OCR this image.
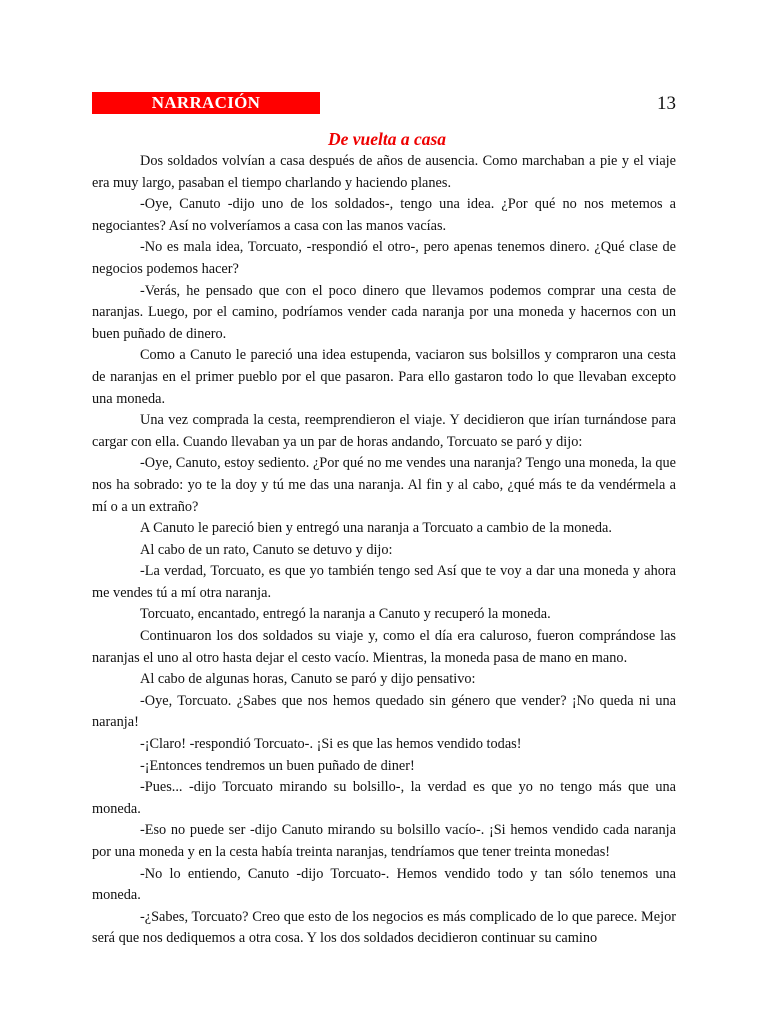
NARRACIÓN	13
De vuelta a casa

Dos soldados volvían a casa después de años de ausencia. Como marchaban a pie y el viaje era muy largo, pasaban el tiempo charlando y haciendo planes.

-Oye, Canuto -dijo uno de los soldados-, tengo una idea. ¿Por qué no nos metemos a negociantes? Así no volveríamos a casa con las manos vacías.

-No es mala idea, Torcuato, -respondió el otro-, pero apenas tenemos dinero. ¿Qué clase de negocios podemos hacer?

-Verás, he pensado que con el poco dinero que llevamos podemos comprar una cesta de naranjas. Luego, por el camino, podríamos vender cada naranja por una moneda y hacernos con un buen puñado de dinero.

Como a Canuto le pareció una idea estupenda, vaciaron sus bolsillos y compraron una cesta de naranjas en el primer pueblo por el que pasaron. Para ello gastaron todo lo que llevaban excepto una moneda.

Una vez comprada la cesta, reemprendieron el viaje. Y decidieron que irían turnándose para cargar con ella. Cuando llevaban ya un par de horas andando, Torcuato se paró y dijo:

-Oye, Canuto, estoy sediento. ¿Por qué no me vendes una naranja? Tengo una moneda, la que nos ha sobrado: yo te la doy y tú me das una naranja. Al fin y al cabo, ¿qué más te da vendérmela a mí o a un extraño?

A Canuto le pareció bien y entregó una naranja a Torcuato a cambio de la moneda.

Al cabo de un rato, Canuto se detuvo y dijo:

-La verdad, Torcuato, es que yo también tengo sed Así que te voy a dar una moneda y ahora me vendes tú a mí otra naranja.

Torcuato, encantado, entregó la naranja a Canuto y recuperó la moneda.

Continuaron los dos soldados su viaje y, como el día era caluroso, fueron comprándose las naranjas el uno al otro hasta dejar el cesto vacío. Mientras, la moneda pasa de mano en mano.

Al cabo de algunas horas, Canuto se paró y dijo pensativo:

-Oye, Torcuato. ¿Sabes que nos hemos quedado sin género que vender? ¡No queda ni una naranja!

-¡Claro! -respondió Torcuato-. ¡Si es que las hemos vendido todas!

-¡Entonces tendremos un buen puñado de diner!

-Pues... -dijo Torcuato mirando su bolsillo-, la verdad es que yo no tengo más que una moneda.

-Eso no puede ser -dijo Canuto mirando su bolsillo vacío-. ¡Si hemos vendido cada naranja por una moneda y en la cesta había treinta naranjas, tendríamos que tener treinta monedas!

-No lo entiendo, Canuto -dijo Torcuato-. Hemos vendido todo y tan sólo tenemos una moneda.

-¿Sabes, Torcuato? Creo que esto de los negocios es más complicado de lo que parece. Mejor será que nos dediquemos a otra cosa. Y los dos soldados decidieron continuar su camino
